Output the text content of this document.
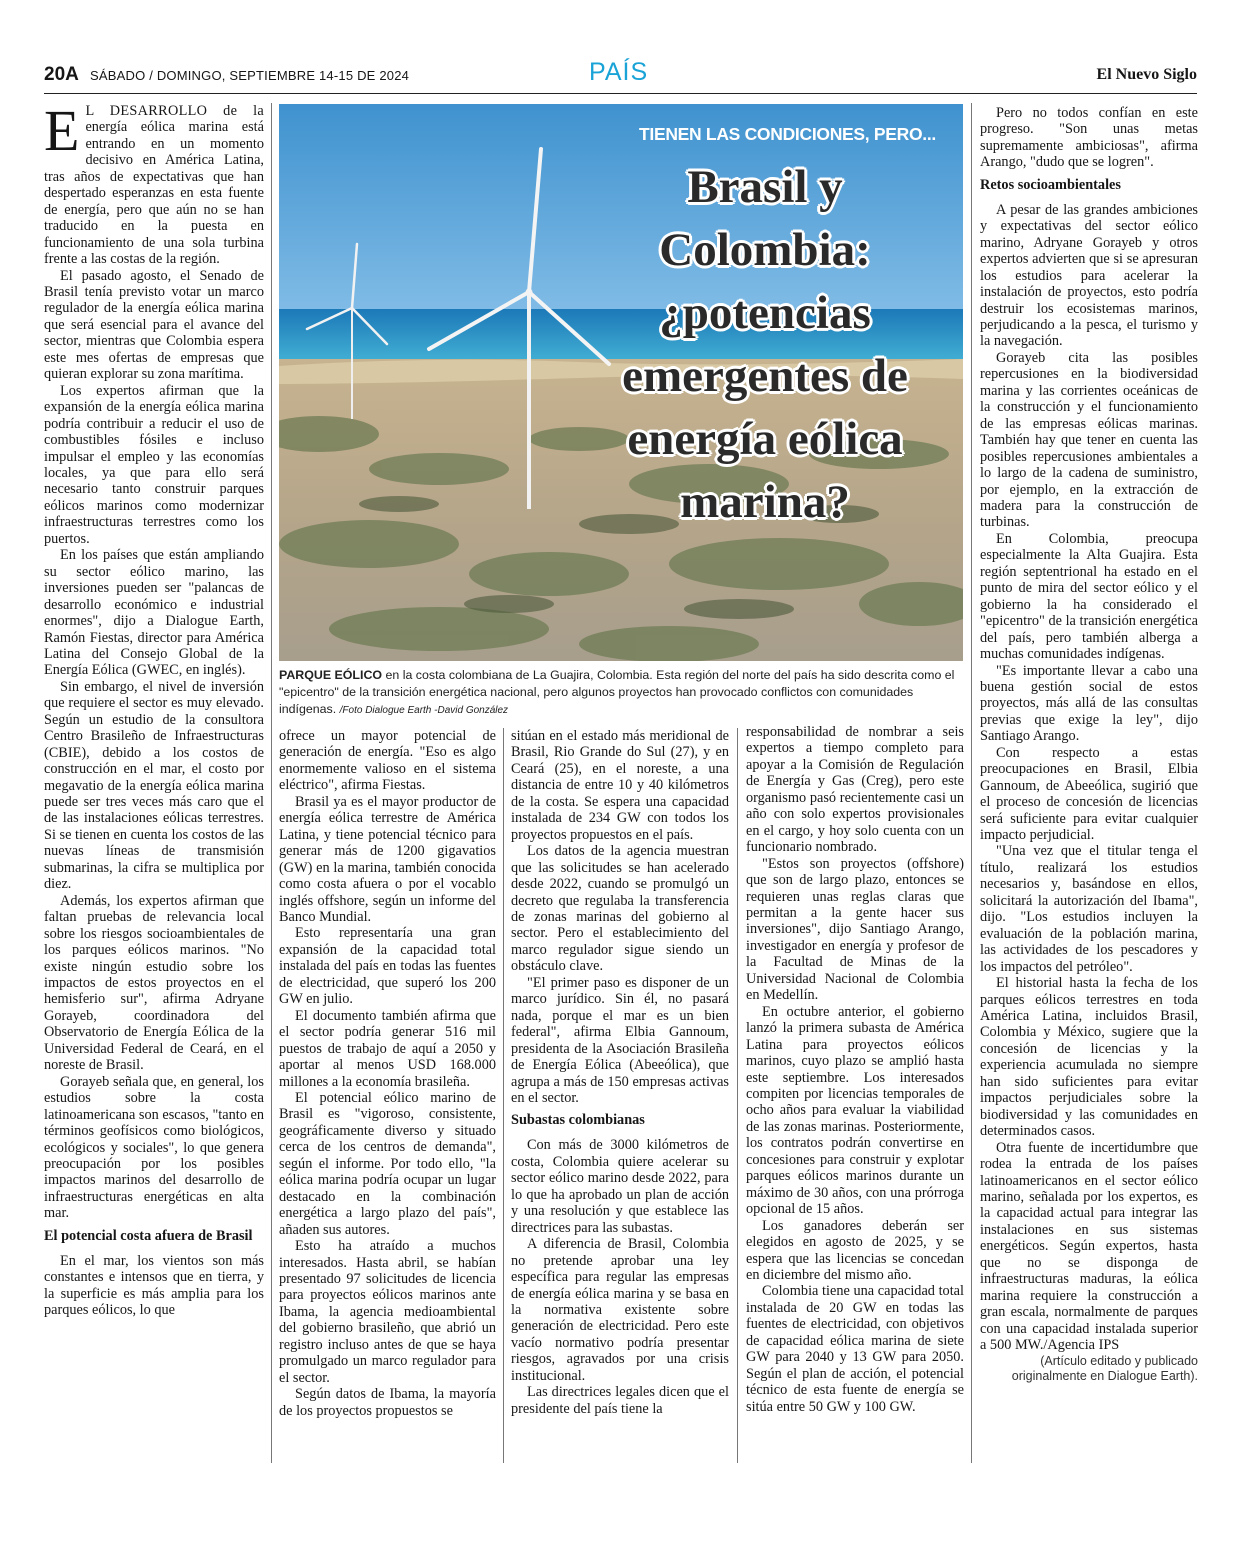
20A SÁBADO / DOMINGO, SEPTIEMBRE 14-15 DE 2024	PAÍS	El Nuevo Siglo
TIENEN LAS CONDICIONES, PERO...
Brasil y Colombia: ¿potencias emergentes de energía eólica marina?
PARQUE EÓLICO en la costa colombiana de La Guajira, Colombia. Esta región del norte del país ha sido descrita como el "epicentro" de la transición energética nacional, pero algunos proyectos han provocado conflictos con comunidades indígenas. /Foto Dialogue Earth -David González

E L DESARROLLO de la energía eólica marina está entrando en un momento decisivo en América Latina, tras años de expectativas que han despertado esperanzas en esta fuente de energía, pero que aún no se han traducido en la puesta en funcionamiento de una sola turbina frente a las costas de la región.

El pasado agosto, el Senado de Brasil tenía previsto votar un marco regulador de la energía eólica marina que será esencial para el avance del sector, mientras que Colombia espera este mes ofertas de empresas que quieran explorar su zona marítima.

Los expertos afirman que la expansión de la energía eólica marina podría contribuir a reducir el uso de combustibles fósiles e incluso impulsar el empleo y las economías locales, ya que para ello será necesario tanto construir parques eólicos marinos como modernizar infraestructuras terrestres como los puertos.

En los países que están ampliando su sector eólico marino, las inversiones pueden ser "palancas de desarrollo económico e industrial enormes", dijo a Dialogue Earth, Ramón Fiestas, director para América Latina del Consejo Global de la Energía Eólica (GWEC, en inglés).

Sin embargo, el nivel de inversión que requiere el sector es muy elevado. Según un estudio de la consultora Centro Brasileño de Infraestructuras (CBIE), debido a los costos de construcción en el mar, el costo por megavatio de la energía eólica marina puede ser tres veces más caro que el de las instalaciones eólicas terrestres. Si se tienen en cuenta los costos de las nuevas líneas de transmisión submarinas, la cifra se multiplica por diez.

Además, los expertos afirman que faltan pruebas de relevancia local sobre los riesgos socioambientales de los parques eólicos marinos. "No existe ningún estudio sobre los impactos de estos proyectos en el hemisferio sur", afirma Adryane Gorayeb, coordinadora del Observatorio de Energía Eólica de la Universidad Federal de Ceará, en el noreste de Brasil.

Gorayeb señala que, en general, los estudios sobre la costa latinoamericana son escasos, "tanto en términos geofísicos como biológicos, ecológicos y sociales", lo que genera preocupación por los posibles impactos marinos del desarrollo de infraestructuras energéticas en alta mar.

El potencial costa afuera de Brasil

En el mar, los vientos son más constantes e intensos que en tierra, y la superficie es más amplia para los parques eólicos, lo que

ofrece un mayor potencial de generación de energía. "Eso es algo enormemente valioso en el sistema eléctrico", afirma Fiestas.

Brasil ya es el mayor productor de energía eólica terrestre de América Latina, y tiene potencial técnico para generar más de 1200 gigavatios (GW) en la marina, también conocida como costa afuera o por el vocablo inglés offshore, según un informe del Banco Mundial.

Esto representaría una gran expansión de la capacidad total instalada del país en todas las fuentes de electricidad, que superó los 200 GW en julio.

El documento también afirma que el sector podría generar 516 mil puestos de trabajo de aquí a 2050 y aportar al menos USD 168.000 millones a la economía brasileña.

El potencial eólico marino de Brasil es "vigoroso, consistente, geográficamente diverso y situado cerca de los centros de demanda", según el informe. Por todo ello, "la eólica marina podría ocupar un lugar destacado en la combinación energética a largo plazo del país", añaden sus autores.

Esto ha atraído a muchos interesados. Hasta abril, se habían presentado 97 solicitudes de licencia para proyectos eólicos marinos ante Ibama, la agencia medioambiental del gobierno brasileño, que abrió un registro incluso antes de que se haya promulgado un marco regulador para el sector.

Según datos de Ibama, la mayoría de los proyectos propuestos se

sitúan en el estado más meridional de Brasil, Rio Grande do Sul (27), y en Ceará (25), en el noreste, a una distancia de entre 10 y 40 kilómetros de la costa. Se espera una capacidad instalada de 234 GW con todos los proyectos propuestos en el país.

Los datos de la agencia muestran que las solicitudes se han acelerado desde 2022, cuando se promulgó un decreto que regulaba la transferencia de zonas marinas del gobierno al sector. Pero el establecimiento del marco regulador sigue siendo un obstáculo clave.

"El primer paso es disponer de un marco jurídico. Sin él, no pasará nada, porque el mar es un bien federal", afirma Elbia Gannoum, presidenta de la Asociación Brasileña de Energía Eólica (Abeeólica), que agrupa a más de 150 empresas activas en el sector.

Subastas colombianas

Con más de 3000 kilómetros de costa, Colombia quiere acelerar su sector eólico marino desde 2022, para lo que ha aprobado un plan de acción y una resolución y que establece las directrices para las subastas.

A diferencia de Brasil, Colombia no pretende aprobar una ley específica para regular las empresas de energía eólica marina y se basa en la normativa existente sobre generación de electricidad. Pero este vacío normativo podría presentar riesgos, agravados por una crisis institucional.

Las directrices legales dicen que el presidente del país tiene la

responsabilidad de nombrar a seis expertos a tiempo completo para apoyar a la Comisión de Regulación de Energía y Gas (Creg), pero este organismo pasó recientemente casi un año con solo expertos provisionales en el cargo, y hoy solo cuenta con un funcionario nombrado.

"Estos son proyectos (offshore) que son de largo plazo, entonces se requieren unas reglas claras que permitan a la gente hacer sus inversiones", dijo Santiago Arango, investigador en energía y profesor de la Facultad de Minas de la Universidad Nacional de Colombia en Medellín.

En octubre anterior, el gobierno lanzó la primera subasta de América Latina para proyectos eólicos marinos, cuyo plazo se amplió hasta este septiembre. Los interesados compiten por licencias temporales de ocho años para evaluar la viabilidad de las zonas marinas. Posteriormente, los contratos podrán convertirse en concesiones para construir y explotar parques eólicos marinos durante un máximo de 30 años, con una prórroga opcional de 15 años.

Los ganadores deberán ser elegidos en agosto de 2025, y se espera que las licencias se concedan en diciembre del mismo año.

Colombia tiene una capacidad total instalada de 20 GW en todas las fuentes de electricidad, con objetivos de capacidad eólica marina de siete GW para 2040 y 13 GW para 2050. Según el plan de acción, el potencial técnico de esta fuente de energía se sitúa entre 50 GW y 100 GW.

Pero no todos confían en este progreso. "Son unas metas supremamente ambiciosas", afirma Arango, "dudo que se logren".

Retos socioambientales

A pesar de las grandes ambiciones y expectativas del sector eólico marino, Adryane Gorayeb y otros expertos advierten que si se apresuran los estudios para acelerar la instalación de proyectos, esto podría destruir los ecosistemas marinos, perjudicando a la pesca, el turismo y la navegación.

Gorayeb cita las posibles repercusiones en la biodiversidad marina y las corrientes oceánicas de la construcción y el funcionamiento de las empresas eólicas marinas. También hay que tener en cuenta las posibles repercusiones ambientales a lo largo de la cadena de suministro, por ejemplo, en la extracción de madera para la construcción de turbinas.

En Colombia, preocupa especialmente la Alta Guajira. Esta región septentrional ha estado en el punto de mira del sector eólico y el gobierno la ha considerado el "epicentro" de la transición energética del país, pero también alberga a muchas comunidades indígenas.

"Es importante llevar a cabo una buena gestión social de estos proyectos, más allá de las consultas previas que exige la ley", dijo Santiago Arango.

Con respecto a estas preocupaciones en Brasil, Elbia Gannoum, de Abeeólica, sugirió que el proceso de concesión de licencias será suficiente para evitar cualquier impacto perjudicial.

"Una vez que el titular tenga el título, realizará los estudios necesarios y, basándose en ellos, solicitará la autorización del Ibama", dijo. "Los estudios incluyen la evaluación de la población marina, las actividades de los pescadores y los impactos del petróleo".

El historial hasta la fecha de los parques eólicos terrestres en toda América Latina, incluidos Brasil, Colombia y México, sugiere que la concesión de licencias y la experiencia acumulada no siempre han sido suficientes para evitar impactos perjudiciales sobre la biodiversidad y las comunidades en determinados casos.

Otra fuente de incertidumbre que rodea la entrada de los países latinoamericanos en el sector eólico marino, señalada por los expertos, es la capacidad actual para integrar las instalaciones en sus sistemas energéticos. Según expertos, hasta que no se disponga de infraestructuras maduras, la eólica marina requiere la construcción a gran escala, normalmente de parques con una capacidad instalada superior a 500 MW./Agencia IPS

(Artículo editado y publicado originalmente en Dialogue Earth).
